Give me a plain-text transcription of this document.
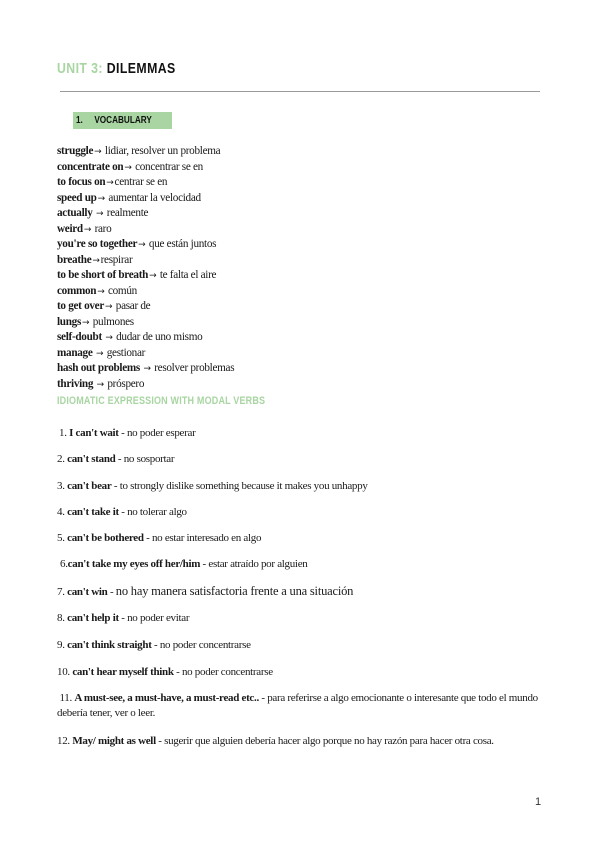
UNIT 3: DILEMMAS
1. VOCABULARY
struggle→ lidiar, resolver un problema
concentrate on→ concentrar se en
to focus on→centrar se en
speed up→ aumentar la velocidad
actually → realmente
weird→ raro
you're so together→ que están juntos
breathe→respirar
to be short of breath→ te falta el aire
common→ común
to get over→ pasar de
lungs→ pulmones
self-doubt → dudar de uno mismo
manage → gestionar
hash out problems → resolver problemas
thriving → próspero
IDIOMATIC EXPRESSION WITH MODAL VERBS
1. I can't wait - no poder esperar
2. can't stand - no sosportar
3. can't bear - to strongly dislike something because it makes you unhappy
4. can't take it - no tolerar algo
5. can't be bothered - no estar interesado en algo
6.can't take my eyes off her/him - estar atraído por alguien
7. can't win - no hay manera satisfactoria frente a una situación
8. can't help it - no poder evitar
9. can't think straight - no poder concentrarse
10. can't hear myself think - no poder concentrarse
11. A must-see, a must-have, a must-read etc.. - para referirse a algo emocionante o interesante que todo el mundo debería tener, ver o leer.
12. May/ might as well - sugerir que alguien debería hacer algo porque no hay razón para hacer otra cosa.
1
